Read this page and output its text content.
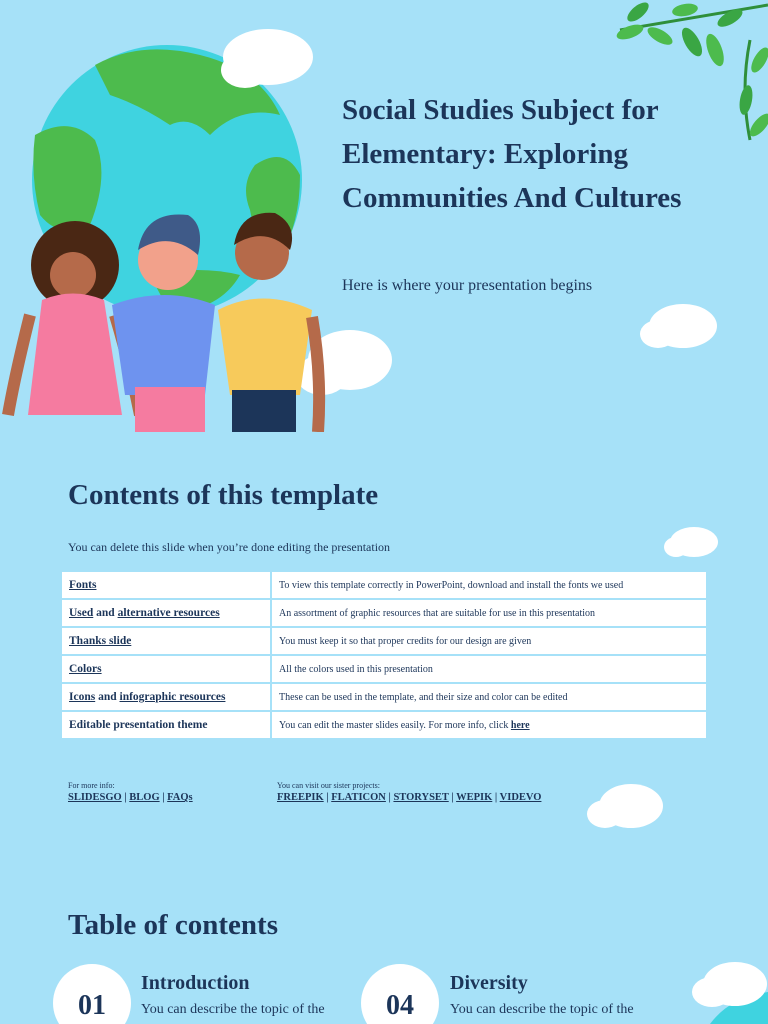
Social Studies Subject for Elementary: Exploring Communities And Cultures

Here is where your presentation begins

Contents of this template

You can delete this slide when you’re done editing the presentation

Fonts	To view this template correctly in PowerPoint, download and install the fonts we used
Used and alternative resources	An assortment of graphic resources that are suitable for use in this presentation
Thanks slide	You must keep it so that proper credits for our design are given
Colors	All the colors used in this presentation
Icons and infographic resources	These can be used in the template, and their size and color can be edited
Editable presentation theme	You can edit the master slides easily. For more info, click here
For more info:
SLIDESGO | BLOG | FAQs
You can visit our sister projects:
FREEPIK | FLATICON | STORYSET | WEPIK | VIDEVO
Table of contents
01
Introduction

You can describe the topic of the	04
Diversity

You can describe the topic of the
